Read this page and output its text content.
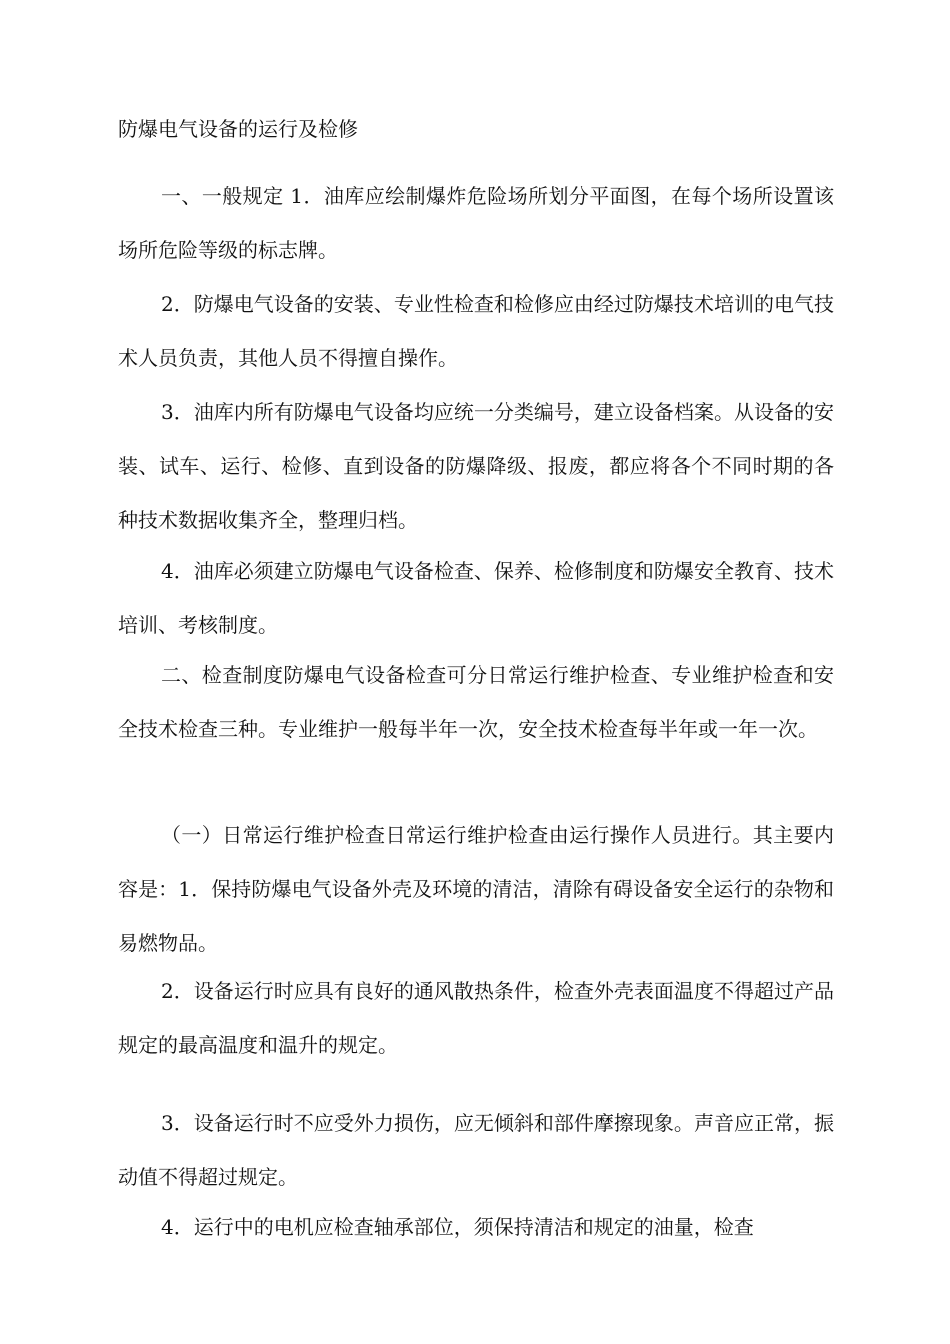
防爆电气设备的运行及检修

一、一般规定 1．油库应绘制爆炸危险场所划分平面图，在每个场所设置该场所危险等级的标志牌。

2．防爆电气设备的安装、专业性检查和检修应由经过防爆技术培训的电气技术人员负责，其他人员不得擅自操作。

3．油库内所有防爆电气设备均应统一分类编号，建立设备档案。从设备的安装、试车、运行、检修、直到设备的防爆降级、报废，都应将各个不同时期的各种技术数据收集齐全，整理归档。

4．油库必须建立防爆电气设备检查、保养、检修制度和防爆安全教育、技术培训、考核制度。

二、检查制度防爆电气设备检查可分日常运行维护检查、专业维护检查和安全技术检查三种。专业维护一般每半年一次，安全技术检查每半年或一年一次。

（一）日常运行维护检查日常运行维护检查由运行操作人员进行。其主要内容是：1．保持防爆电气设备外壳及环境的清洁，清除有碍设备安全运行的杂物和易燃物品。

2．设备运行时应具有良好的通风散热条件，检查外壳表面温度不得超过产品规定的最高温度和温升的规定。

3．设备运行时不应受外力损伤，应无倾斜和部件摩擦现象。声音应正常，振动值不得超过规定。

4．运行中的电机应检查轴承部位，须保持清洁和规定的油量，检查
